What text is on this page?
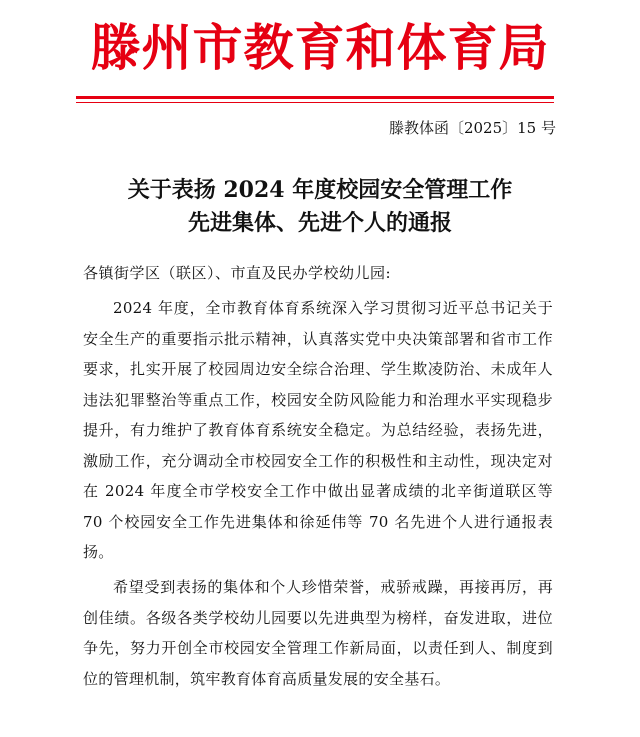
滕州市教育和体育局
滕教体函〔2025〕15 号
关于表扬 2024 年度校园安全管理工作
先进集体、先进个人的通报
各镇街学区（联区）、市直及民办学校幼儿园:
2024 年度，全市教育体育系统深入学习贯彻习近平总书记关于安全生产的重要指示批示精神，认真落实党中央决策部署和省市工作要求，扎实开展了校园周边安全综合治理、学生欺凌防治、未成年人违法犯罪整治等重点工作，校园安全防风险能力和治理水平实现稳步提升，有力维护了教育体育系统安全稳定。为总结经验，表扬先进，激励工作，充分调动全市校园安全工作的积极性和主动性，现决定对在 2024 年度全市学校安全工作中做出显著成绩的北辛街道联区等 70 个校园安全工作先进集体和徐延伟等 70 名先进个人进行通报表扬。
希望受到表扬的集体和个人珍惜荣誉，戒骄戒躁，再接再厉，再创佳绩。各级各类学校幼儿园要以先进典型为榜样，奋发进取，进位争先，努力开创全市校园安全管理工作新局面，以责任到人、制度到位的管理机制，筑牢教育体育高质量发展的安全基石。
